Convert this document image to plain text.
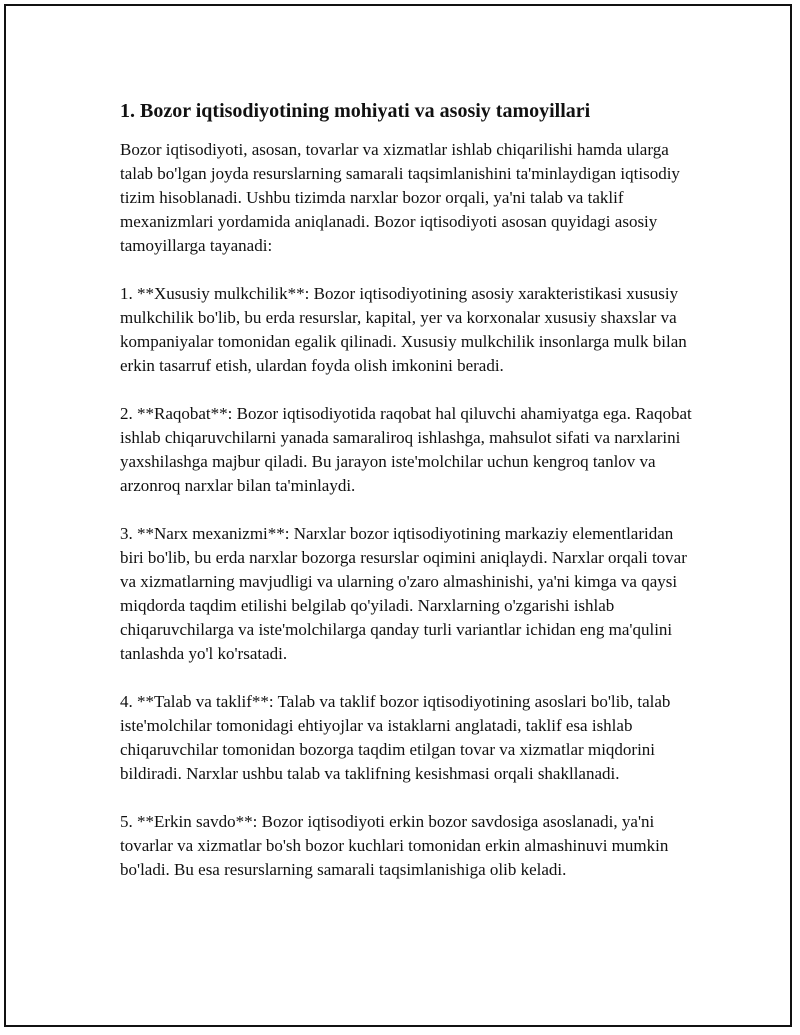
1. Bozor iqtisodiyotining mohiyati va asosiy tamoyillari

Bozor iqtisodiyoti, asosan, tovarlar va xizmatlar ishlab chiqarilishi hamda ularga talab bo'lgan joyda resurslarning samarali taqsimlanishini ta'minlaydigan iqtisodiy tizim hisoblanadi. Ushbu tizimda narxlar bozor orqali, ya'ni talab va taklif mexanizmlari yordamida aniqlanadi. Bozor iqtisodiyoti asosan quyidagi asosiy tamoyillarga tayanadi:

1. **Xususiy mulkchilik**: Bozor iqtisodiyotining asosiy xarakteristikasi xususiy mulkchilik bo'lib, bu erda resurslar, kapital, yer va korxonalar xususiy shaxslar va kompaniyalar tomonidan egalik qilinadi. Xususiy mulkchilik insonlarga mulk bilan erkin tasarruf etish, ulardan foyda olish imkonini beradi.

2. **Raqobat**: Bozor iqtisodiyotida raqobat hal qiluvchi ahamiyatga ega. Raqobat ishlab chiqaruvchilarni yanada samaraliroq ishlashga, mahsulot sifati va narxlarini yaxshilashga majbur qiladi. Bu jarayon iste'molchilar uchun kengroq tanlov va arzonroq narxlar bilan ta'minlaydi.

3. **Narx mexanizmi**: Narxlar bozor iqtisodiyotining markaziy elementlaridan biri bo'lib, bu erda narxlar bozorga resurslar oqimini aniqlaydi. Narxlar orqali tovar va xizmatlarning mavjudligi va ularning o'zaro almashinishi, ya'ni kimga va qaysi miqdorda taqdim etilishi belgilab qo'yiladi. Narxlarning o'zgarishi ishlab chiqaruvchilarga va iste'molchilarga qanday turli variantlar ichidan eng ma'qulini tanlashda yo'l ko'rsatadi.

4. **Talab va taklif**: Talab va taklif bozor iqtisodiyotining asoslari bo'lib, talab iste'molchilar tomonidagi ehtiyojlar va istaklarni anglatadi, taklif esa ishlab chiqaruvchilar tomonidan bozorga taqdim etilgan tovar va xizmatlar miqdorini bildiradi. Narxlar ushbu talab va taklifning kesishmasi orqali shakllanadi.

5. **Erkin savdo**: Bozor iqtisodiyoti erkin bozor savdosiga asoslanadi, ya'ni tovarlar va xizmatlar bo'sh bozor kuchlari tomonidan erkin almashinuvi mumkin bo'ladi. Bu esa resurslarning samarali taqsimlanishiga olib keladi.
